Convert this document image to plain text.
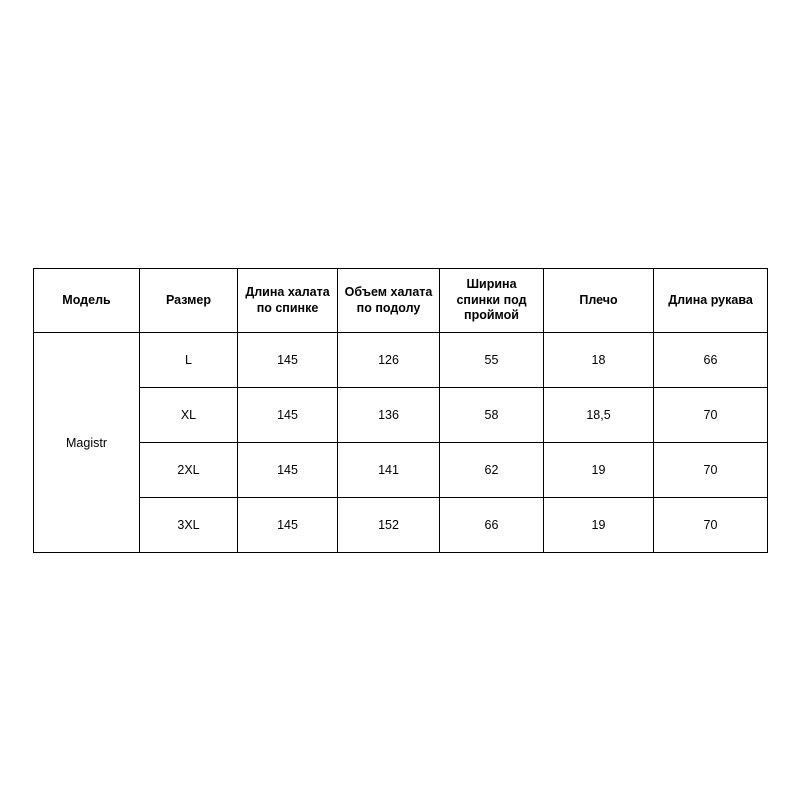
Модель	Размер	Длина халата по спинке	Объем халата по подолу	Ширина спинки под проймой	Плечо	Длина рукава
Magistr	L	145	126	55	18	66
	XL	145	136	58	18,5	70
	2XL	145	141	62	19	70
	3XL	145	152	66	19	70
